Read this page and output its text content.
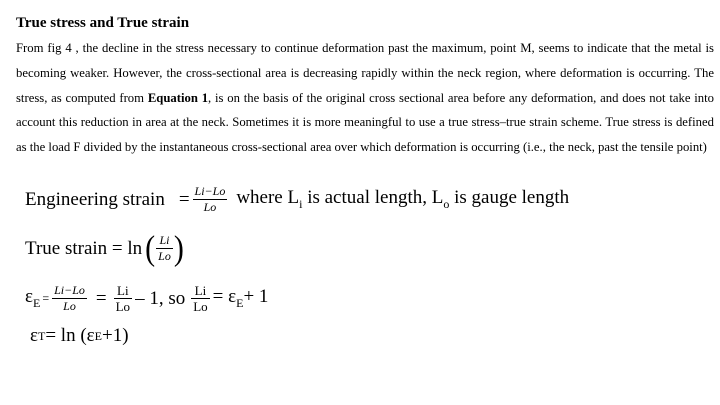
True stress and True strain

From fig 4 , the decline in the stress necessary to continue deformation past the maximum, point M, seems to indicate that the metal is becoming weaker. However, the cross-sectional area is decreasing rapidly within the neck region, where deformation is occurring. The stress, as computed from Equation 1, is on the basis of the original cross sectional area before any deformation, and does not take into account this reduction in area at the neck. Sometimes it is more meaningful to use a true stress–true strain scheme. True stress is defined as the load F divided by the instantaneous cross-sectional area over which deformation is occurring (i.e., the neck, past the tensile point)

Engineering strain = $\frac{Li-Lo}{Lo}$ where $L_i$ is actual length, $L_o$ is gauge length
True strain = ln ( $\frac{Li}{Lo}$ )
$\varepsilon_E = \frac{Li-Lo}{Lo} = \frac{Li}{Lo} - 1$, so $\frac{Li}{Lo} = \varepsilon_E+ 1$
ε T = ln (ε E +1)
